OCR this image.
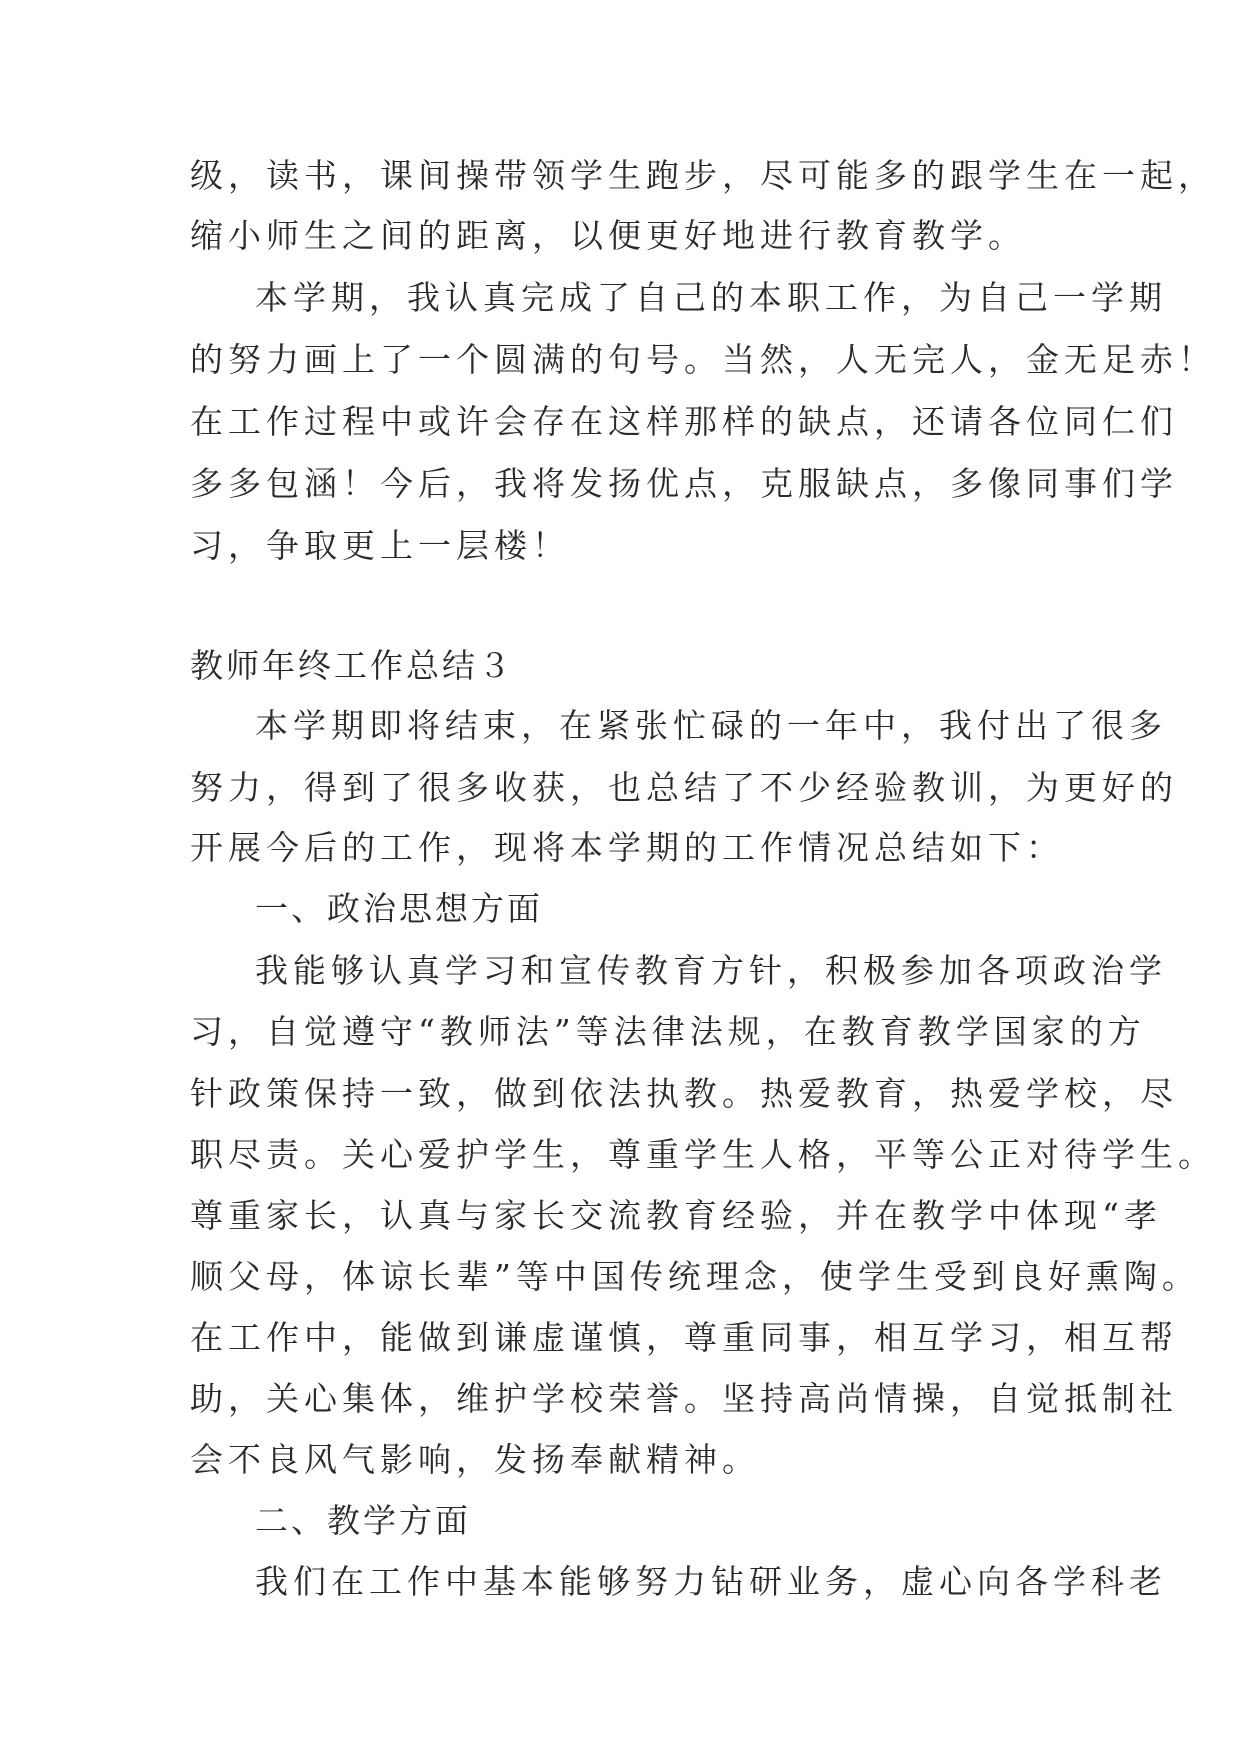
级，读书，课间操带领学生跑步，尽可能多的跟学生在一起，
缩小师生之间的距离，以便更好地进行教育教学。
本学期，我认真完成了自己的本职工作，为自己一学期
的努力画上了一个圆满的句号。当然，人无完人，金无足赤！
在工作过程中或许会存在这样那样的缺点，还请各位同仁们
多多包涵！今后，我将发扬优点，克服缺点，多像同事们学
习，争取更上一层楼！
教师年终工作总结３
本学期即将结束，在紧张忙碌的一年中，我付出了很多
努力，得到了很多收获，也总结了不少经验教训，为更好的
开展今后的工作，现将本学期的工作情况总结如下：
一、政治思想方面
我能够认真学习和宣传教育方针，积极参加各项政治学
习，自觉遵守“教师法”等法律法规，在教育教学国家的方
针政策保持一致，做到依法执教。热爱教育，热爱学校，尽
职尽责。关心爱护学生，尊重学生人格，平等公正对待学生。
尊重家长，认真与家长交流教育经验，并在教学中体现“孝
顺父母，体谅长辈”等中国传统理念，使学生受到良好熏陶。
在工作中，能做到谦虚谨慎，尊重同事，相互学习，相互帮
助，关心集体，维护学校荣誉。坚持高尚情操，自觉抵制社
会不良风气影响，发扬奉献精神。
二、教学方面
我们在工作中基本能够努力钻研业务，虚心向各学科老
